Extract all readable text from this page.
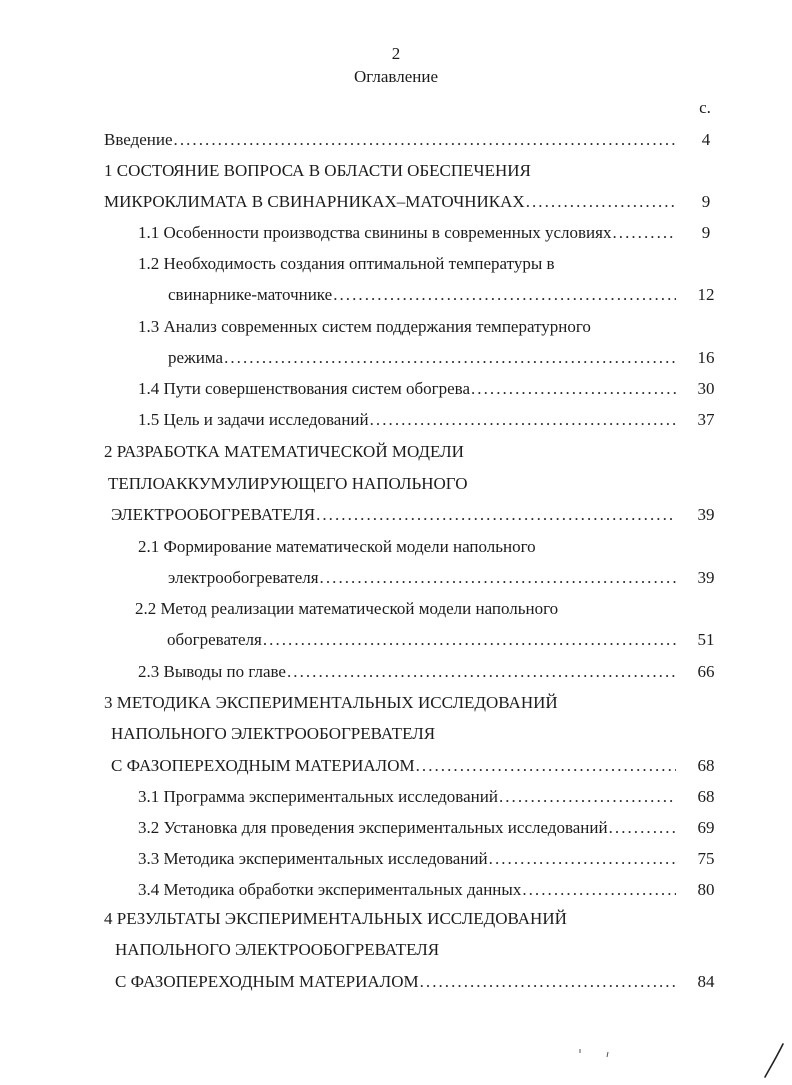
2
Оглавление
с.
Введение . . .	4
1 СОСТОЯНИЕ ВОПРОСА В ОБЛАСТИ ОБЕСПЕЧЕНИЯ
МИКРОКЛИМАТА В СВИНАРНИКАХ–МАТОЧНИКАХ . . .	9
1.1 Особенности производства свинины в современных условиях . . .	9
1.2 Необходимость создания оптимальной температуры в
свинарнике-маточнике . . .	12
1.3 Анализ современных систем поддержания температурного
режима . . .	16
1.4 Пути совершенствования систем обогрева . . .	30
1.5 Цель и задачи исследований . . .	37
2 РАЗРАБОТКА МАТЕМАТИЧЕСКОЙ МОДЕЛИ
ТЕПЛОАККУМУЛИРУЮЩЕГО НАПОЛЬНОГО
ЭЛЕКТРООБОГРЕВАТЕЛЯ . . .	39
2.1 Формирование математической модели напольного
электрообогревателя . . .	39
2.2 Метод реализации математической модели напольного
обогревателя . . .	51
2.3 Выводы по главе . . .	66
3 МЕТОДИКА ЭКСПЕРИМЕНТАЛЬНЫХ ИССЛЕДОВАНИЙ
НАПОЛЬНОГО ЭЛЕКТРООБОГРЕВАТЕЛЯ
С ФАЗОПЕРЕХОДНЫМ МАТЕРИАЛОМ . . .	68
3.1 Программа экспериментальных исследований . . .	68
3.2 Установка для проведения экспериментальных исследований . . .	69
3.3 Методика экспериментальных исследований . . .	75
3.4 Методика обработки экспериментальных данных . . .	80
4 РЕЗУЛЬТАТЫ ЭКСПЕРИМЕНТАЛЬНЫХ ИССЛЕДОВАНИЙ
НАПОЛЬНОГО ЭЛЕКТРООБОГРЕВАТЕЛЯ
С ФАЗОПЕРЕХОДНЫМ МАТЕРИАЛОМ . . .	84
